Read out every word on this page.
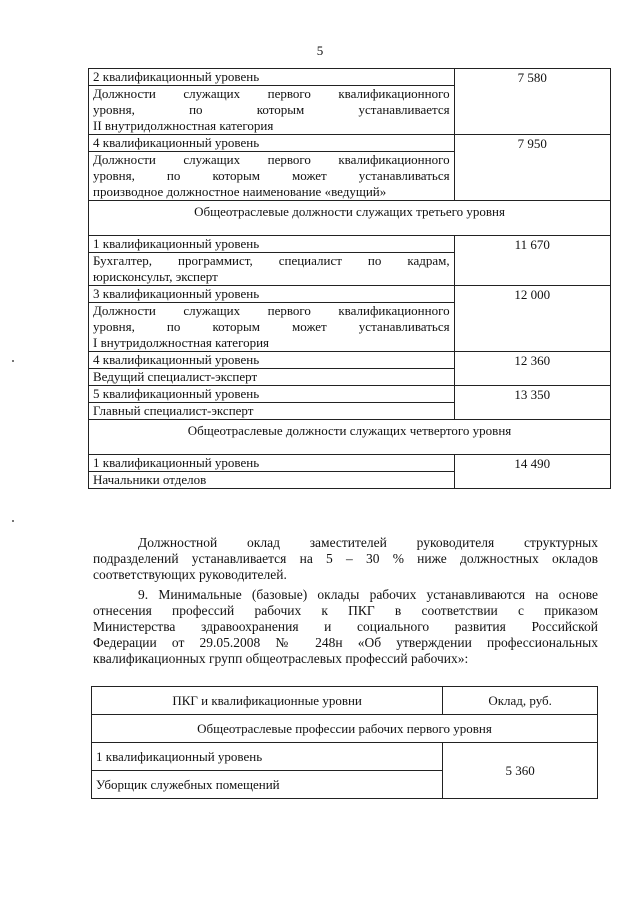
5
2 квалификационный уровень	7 580

Должности служащих первого квалификационного
уровня, по которым устанавливается
II внутридолжностная категория	

4 квалификационный уровень	7 950

Должности служащих первого квалификационного
уровня, по которым может устанавливаться
производное должностное наименование «ведущий»	

Общеотраслевые должности служащих третьего уровня	
1 квалификационный уровень	11 670

Бухгалтер, программист, специалист по кадрам,
юрисконсульт, эксперт	

3 квалификационный уровень	12 000

Должности служащих первого квалификационного
уровня, по которым может устанавливаться
I внутридолжностная категория	

4 квалификационный уровень	12 360

Ведущий специалист-эксперт	

5 квалификационный уровень	13 350

Главный специалист-эксперт	

Общеотраслевые должности служащих четвертого уровня	
1 квалификационный уровень	14 490

Начальники отделов	
Должностной оклад заместителей руководителя структурных
подразделений устанавливается на 5 – 30 % ниже должностных окладов
соответствующих руководителей.
9. Минимальные (базовые) оклады рабочих устанавливаются на основе
отнесения профессий рабочих к ПКГ в соответствии с приказом
Министерства здравоохранения и социального развития Российской
Федерации от 29.05.2008 № 248н «Об утверждении профессиональных
квалификационных групп общеотраслевых профессий рабочих»:
ПКГ и квалификационные уровни	Оклад, руб.
Общеотраслевые профессии рабочих первого уровня	
1 квалификационный уровень	5 360
Уборщик служебных помещений	
